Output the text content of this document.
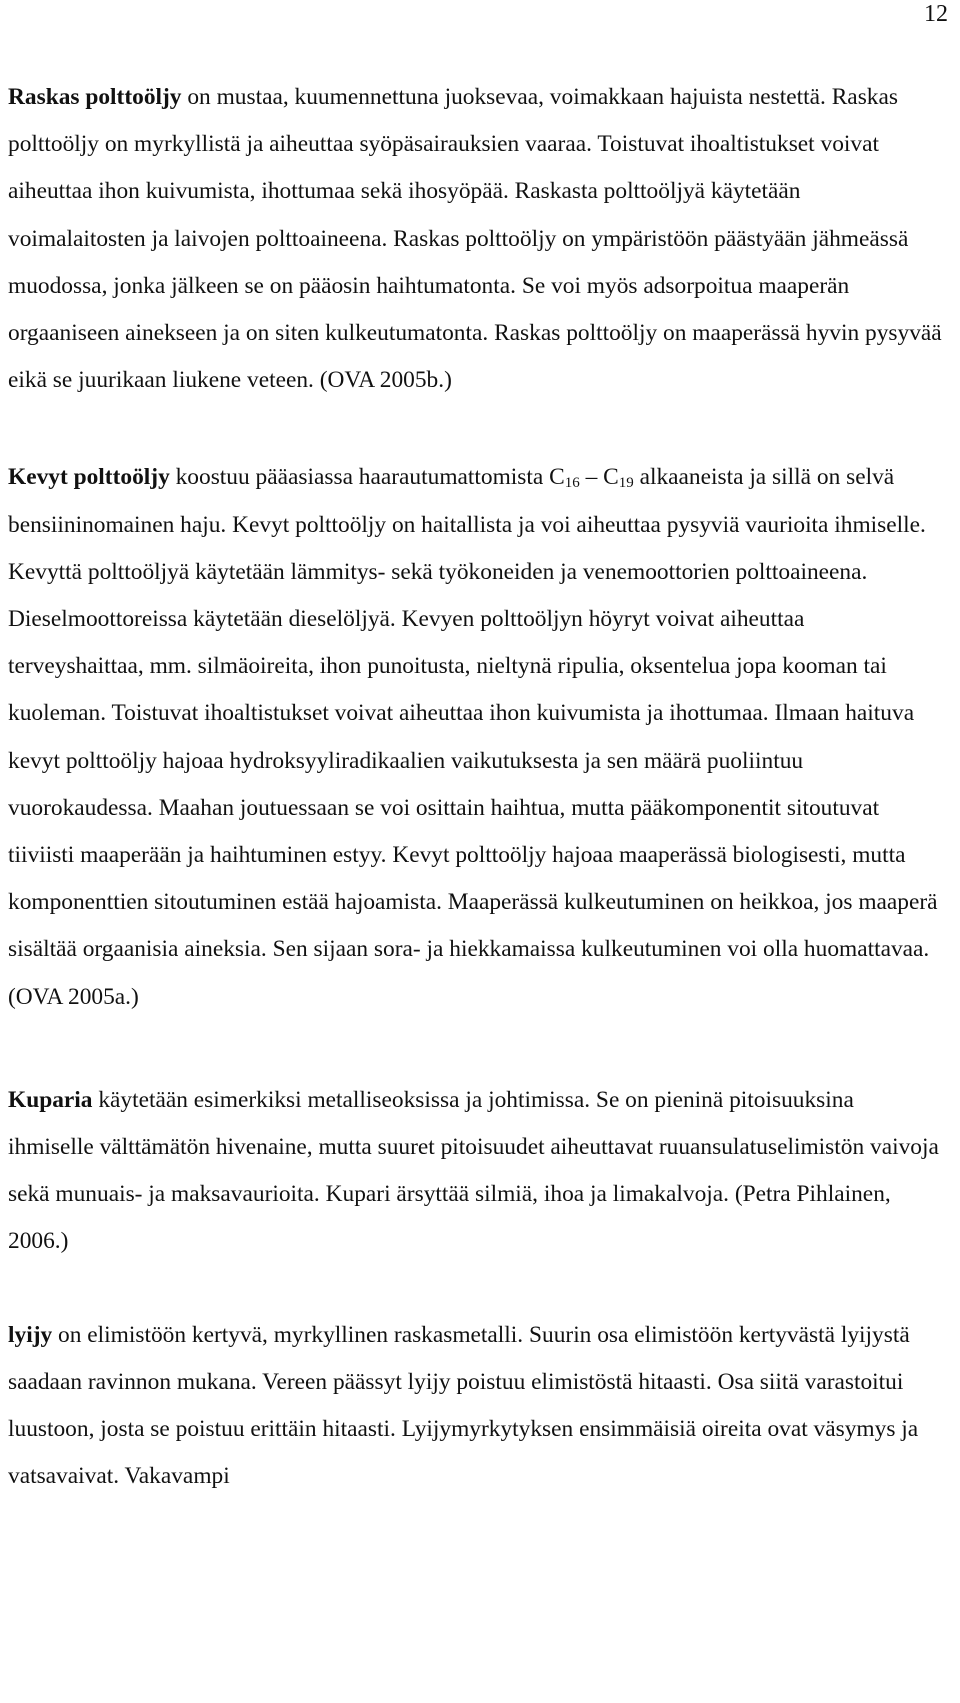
12

Raskas polttoöljy on mustaa, kuumennettuna juoksevaa, voimakkaan hajuista nestettä. Raskas polttoöljy on myrkyllistä ja aiheuttaa syöpäsairauksien vaaraa. Toistuvat ihoaltistukset voivat aiheuttaa ihon kuivumista, ihottumaa sekä ihosyöpää. Raskasta polttoöljyä käytetään voimalaitosten ja laivojen polttoaineena. Raskas polttoöljy on ympäristöön päästyään jähmeässä muodossa, jonka jälkeen se on pääosin haihtumatonta. Se voi myös adsorpoitua maaperän orgaaniseen ainekseen ja on siten kulkeutumatonta. Raskas polttoöljy on maaperässä hyvin pysyvää eikä se juurikaan liukene veteen. (OVA 2005b.)

Kevyt polttoöljy koostuu pääasiassa haarautumattomista $C_{16} - C_{19}$ alkaaneista ja sillä on selvä bensiininomainen haju. Kevyt polttoöljy on haitallista ja voi aiheuttaa pysyviä vaurioita ihmiselle. Kevyttä polttoöljyä käytetään lämmitys- sekä työkoneiden ja venemoottorien polttoaineena. Dieselmoottoreissa käytetään dieselöljyä. Kevyen polttoöljyn höyryt voivat aiheuttaa terveyshaittaa, mm. silmäoireita, ihon punoitusta, nieltynä ripulia, oksentelua jopa kooman tai kuoleman. Toistuvat ihoaltistukset voivat aiheuttaa ihon kuivumista ja ihottumaa. Ilmaan haituva kevyt polttoöljy hajoaa hydroksyyliradikaalien vaikutuksesta ja sen määrä puoliintuu vuorokaudessa. Maahan joutuessaan se voi osittain haihtua, mutta pääkomponentit sitoutuvat tiiviisti maaperään ja haihtuminen estyy. Kevyt polttoöljy hajoaa maaperässä biologisesti, mutta komponenttien sitoutuminen estää hajoamista. Maaperässä kulkeutuminen on heikkoa, jos maaperä sisältää orgaanisia aineksia. Sen sijaan sora- ja hiekkamaissa kulkeutuminen voi olla huomattavaa. (OVA 2005a.)

Kuparia käytetään esimerkiksi metalliseoksissa ja johtimissa. Se on pieninä pitoisuuksina ihmiselle välttämätön hivenaine, mutta suuret pitoisuudet aiheuttavat ruuansulatuselimistön vaivoja sekä munuais- ja maksavaurioita. Kupari ärsyttää silmiä, ihoa ja limakalvoja. (Petra Pihlainen, 2006.)

lyijy on elimistöön kertyvä, myrkyllinen raskasmetalli. Suurin osa elimistöön kertyvästä lyijystä saadaan ravinnon mukana. Vereen päässyt lyijy poistuu elimistöstä hitaasti. Osa siitä varastoitui luustoon, josta se poistuu erittäin hitaasti. Lyijymyrkytyksen ensimmäisiä oireita ovat väsymys ja vatsavaivat. Vakavampi
